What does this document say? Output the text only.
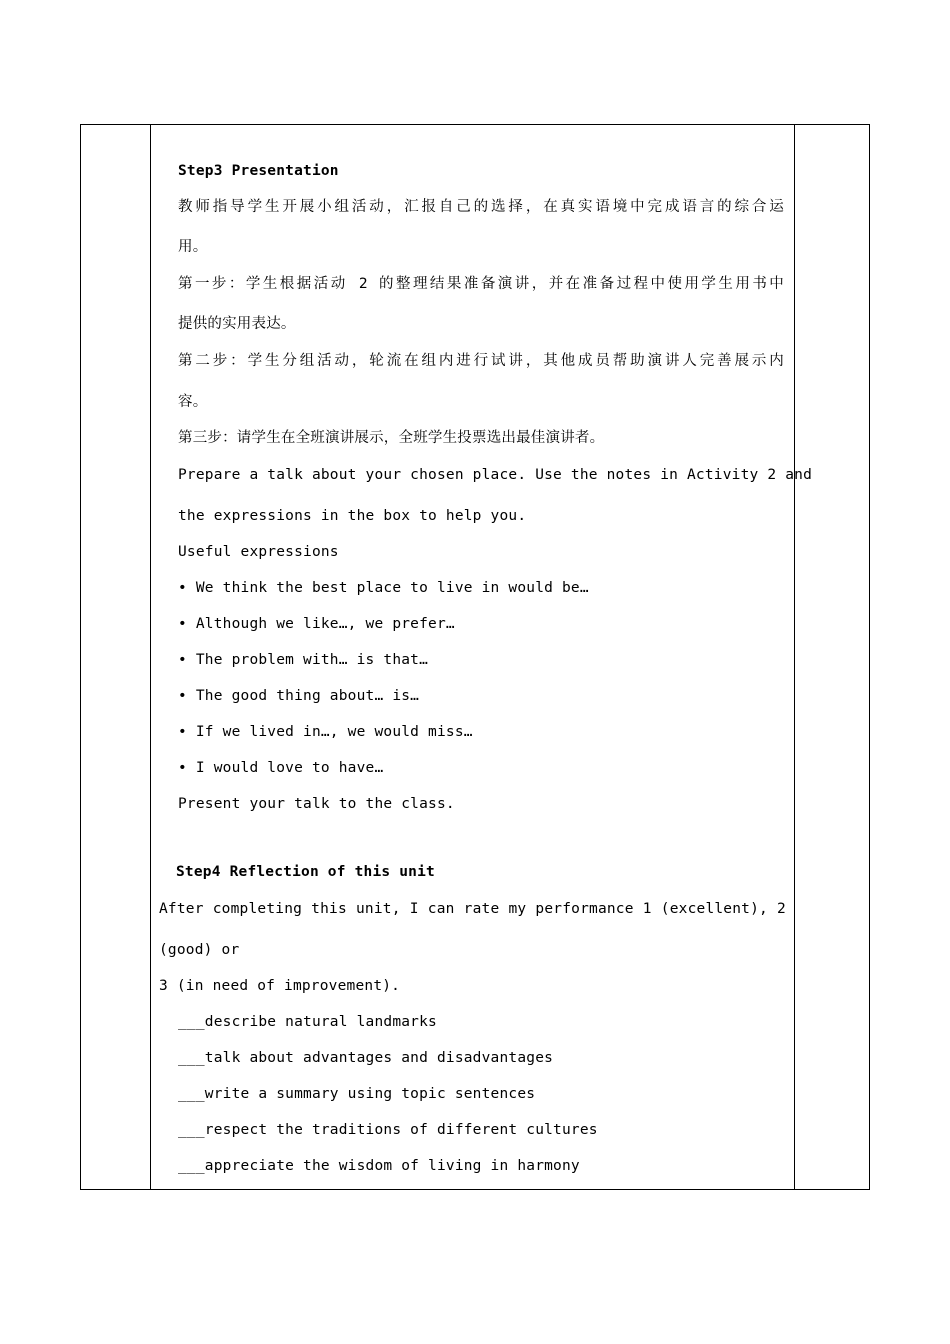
Step3 Presentation
教师指导学生开展小组活动，汇报自己的选择，在真实语境中完成语言的综合运
用。
第一步：学生根据活动 2 的整理结果准备演讲，并在准备过程中使用学生用书中
提供的实用表达。
第二步：学生分组活动，轮流在组内进行试讲，其他成员帮助演讲人完善展示内
容。
第三步：请学生在全班演讲展示，全班学生投票选出最佳演讲者。
Prepare a talk about your chosen place. Use the notes in Activity 2 and
the expressions in the box to help you.
Useful expressions
• We think the best place to live in would be…
• Although we like…, we prefer…
• The problem with… is that…
• The good thing about… is…
• If we lived in…, we would miss…
• I would love to have…
Present your talk to the class.
Step4 Reflection of this unit
After completing this unit, I can rate my performance 1 (excellent), 2
(good) or
3 (in need of improvement).
___describe natural landmarks
___talk about advantages and disadvantages
___write a summary using topic sentences
___respect the traditions of different cultures
___appreciate the wisdom of living in harmony
